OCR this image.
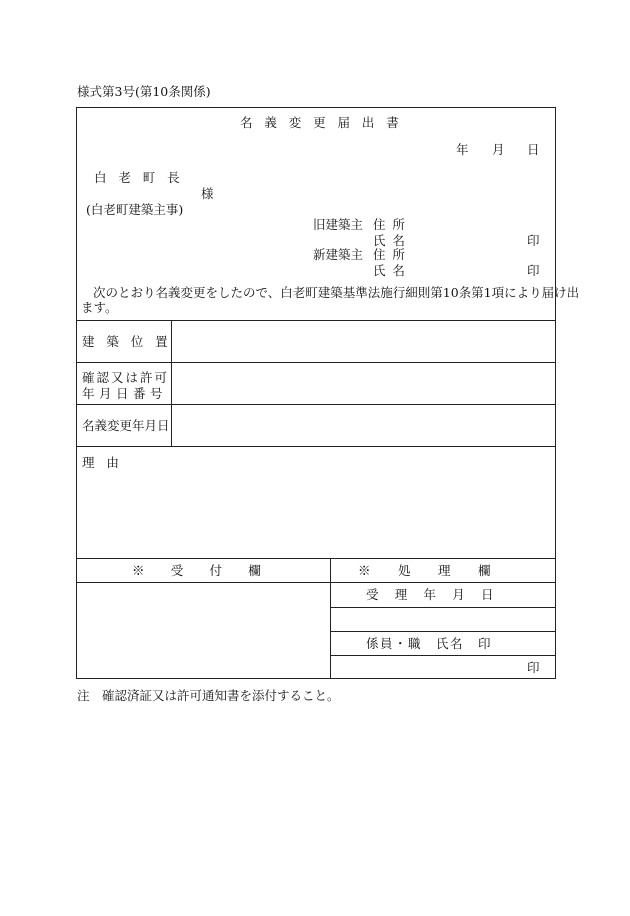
様式第3号(第10条関係)
名義変更届出書
年 月 日
白老町長
様
(白老町建築主事)
旧建築主 住所
氏名	印
新建築主 住所
氏名	印
次のとおり名義変更をしたので、白老町建築基準法施行細則第10条第1項により届け出
ます。
建築位置
確認又は許可
年月日番号
名義変更年月日
理由
※　受　付　欄	※　処　理　欄
受　理　年　月　日
係員・職　氏名　印
印
注　確認済証又は許可通知書を添付すること。
